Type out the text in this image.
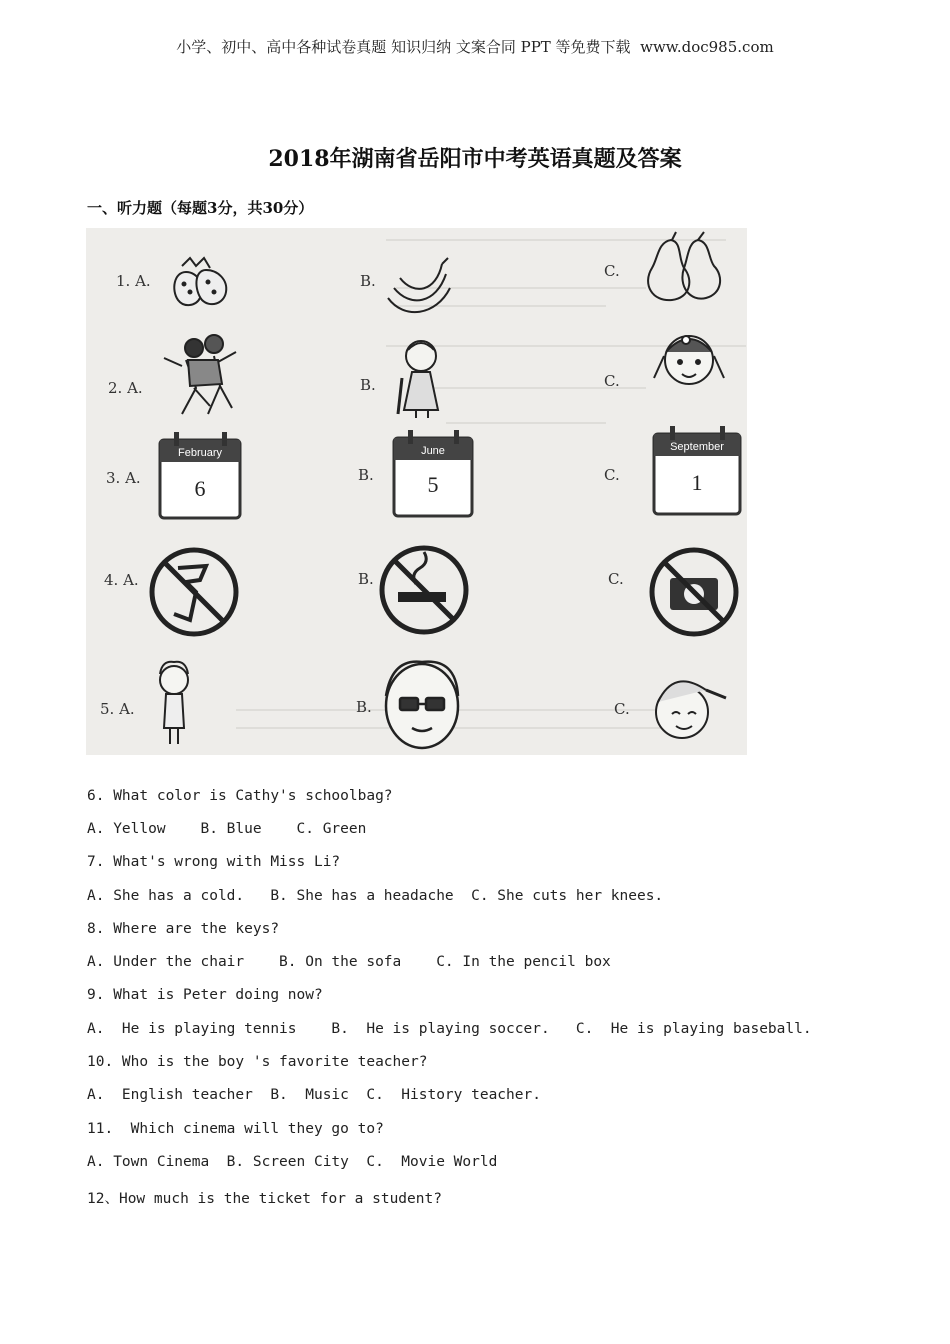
小学、初中、高中各种试卷真题 知识归纳 文案合同 PPT 等免费下载  www.doc985.com
2018年湖南省岳阳市中考英语真题及答案
一、听力题（每题3分，共30分）
1. A.
2. A.
3. A.
4. A.
5. A.
B.
B.
B.
B.
B.
C.
C.
C.
C.
C.
February
6
June
5
September
1
6. What color is Cathy's schoolbag?
A. Yellow    B. Blue    C. Green
7. What's wrong with Miss Li?
A. She has a cold.   B. She has a headache  C. She cuts her knees.
8. Where are the keys?
A. Under the chair    B. On the sofa    C. In the pencil box
9. What is Peter doing now?
A.  He is playing tennis    B.  He is playing soccer.   C.  He is playing baseball.
10. Who is the boy 's favorite teacher?
A.  English teacher  B.  Music  C.  History teacher.
11.  Which cinema will they go to?
A. Town Cinema  B. Screen City  C.  Movie World
12、How much is the ticket for a student?
